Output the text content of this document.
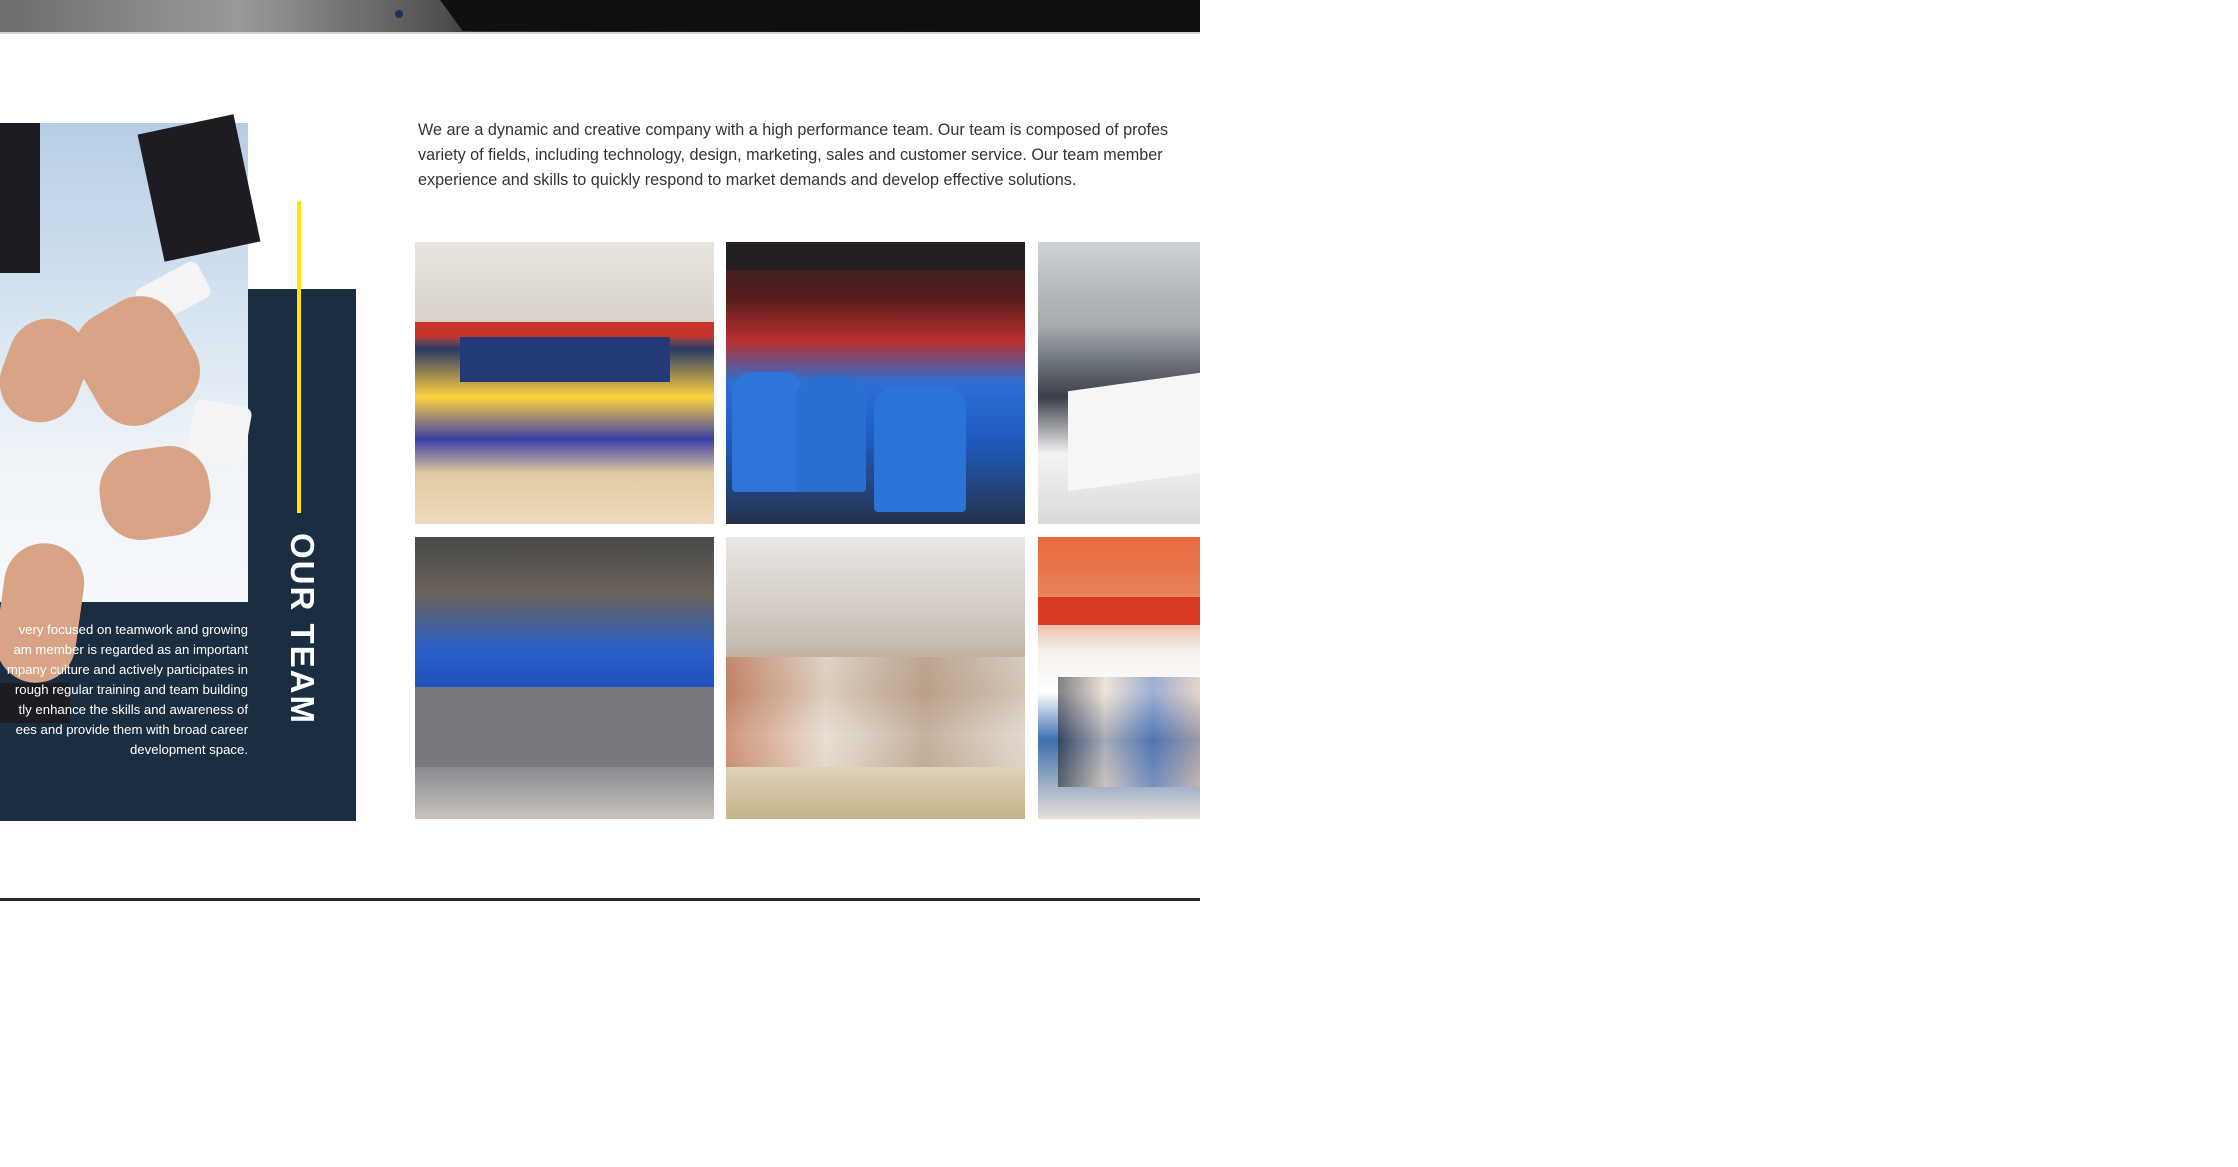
OUR TEAM

very focused on teamwork and growing
am member is regarded as an important
mpany culture and actively participates in
rough regular training and team building
tly enhance the skills and awareness of
ees and provide them with broad career
development space.

We are a dynamic and creative company with a high performance team. Our team is composed of profes
variety of fields, including technology, design, marketing, sales and customer service. Our team member
experience and skills to quickly respond to market demands and develop effective solutions.

目标培养30个行业to
